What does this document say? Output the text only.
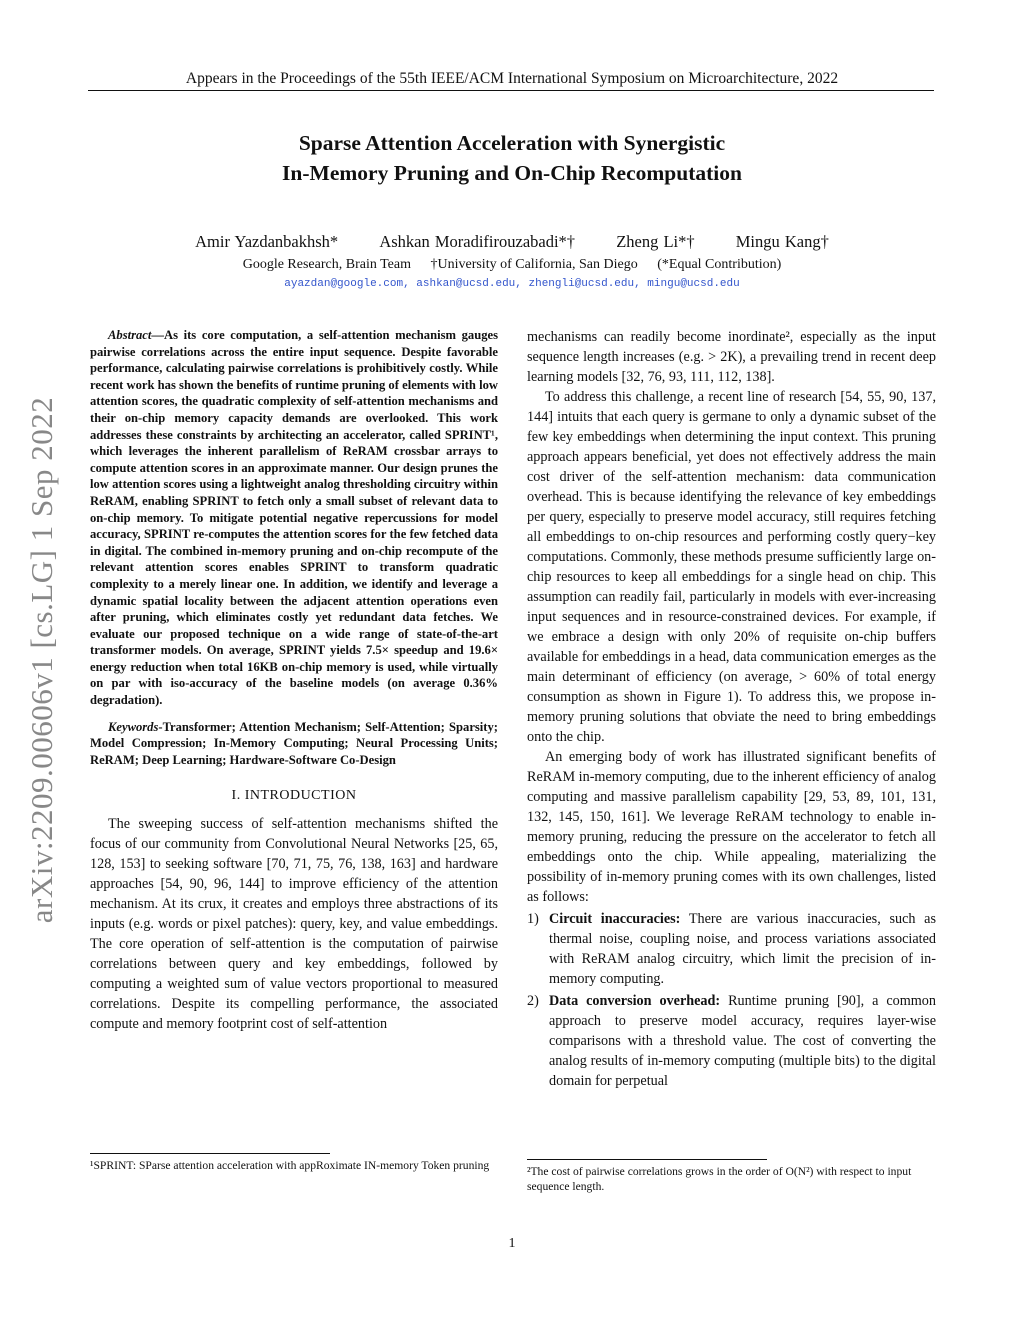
Appears in the Proceedings of the 55th IEEE/ACM International Symposium on Microarchitecture, 2022
Sparse Attention Acceleration with Synergistic
In-Memory Pruning and On-Chip Recomputation
Amir Yazdanbakhsh* Ashkan Moradifirouzabadi*† Zheng Li*† Mingu Kang†
Google Research, Brain Team †University of California, San Diego (*Equal Contribution)
ayazdan@google.com, ashkan@ucsd.edu, zhengli@ucsd.edu, mingu@ucsd.edu
arXiv:2209.00606v1 [cs.LG] 1 Sep 2022

Abstract—As its core computation, a self-attention mechanism gauges pairwise correlations across the entire input sequence. Despite favorable performance, calculating pairwise correlations is prohibitively costly. While recent work has shown the benefits of runtime pruning of elements with low attention scores, the quadratic complexity of self-attention mechanisms and their on-chip memory capacity demands are overlooked. This work addresses these constraints by architecting an accelerator, called SPRINT¹, which leverages the inherent parallelism of ReRAM crossbar arrays to compute attention scores in an approximate manner. Our design prunes the low attention scores using a lightweight analog thresholding circuitry within ReRAM, enabling SPRINT to fetch only a small subset of relevant data to on-chip memory. To mitigate potential negative repercussions for model accuracy, SPRINT re-computes the attention scores for the few fetched data in digital. The combined in-memory pruning and on-chip recompute of the relevant attention scores enables SPRINT to transform quadratic complexity to a merely linear one. In addition, we identify and leverage a dynamic spatial locality between the adjacent attention operations even after pruning, which eliminates costly yet redundant data fetches. We evaluate our proposed technique on a wide range of state-of-the-art transformer models. On average, SPRINT yields 7.5× speedup and 19.6× energy reduction when total 16KB on-chip memory is used, while virtually on par with iso-accuracy of the baseline models (on average 0.36% degradation).

Keywords-Transformer; Attention Mechanism; Self-Attention; Sparsity; Model Compression; In-Memory Computing; Neural Processing Units; ReRAM; Deep Learning; Hardware-Software Co-Design

I. INTRODUCTION

The sweeping success of self-attention mechanisms shifted the focus of our community from Convolutional Neural Networks [25, 65, 128, 153] to seeking software [70, 71, 75, 76, 138, 163] and hardware approaches [54, 90, 96, 144] to improve efficiency of the attention mechanism. At its crux, it creates and employs three abstractions of its inputs (e.g. words or pixel patches): query, key, and value embeddings. The core operation of self-attention is the computation of pairwise correlations between query and key embeddings, followed by computing a weighted sum of value vectors proportional to measured correlations. Despite its compelling performance, the associated compute and memory footprint cost of self-attention

mechanisms can readily become inordinate², especially as the input sequence length increases (e.g. > 2K), a prevailing trend in recent deep learning models [32, 76, 93, 111, 112, 138].

To address this challenge, a recent line of research [54, 55, 90, 137, 144] intuits that each query is germane to only a dynamic subset of the few key embeddings when determining the input context. This pruning approach appears beneficial, yet does not effectively address the main cost driver of the self-attention mechanism: data communication overhead. This is because identifying the relevance of key embeddings per query, especially to preserve model accuracy, still requires fetching all embeddings to on-chip resources and performing costly query−key computations. Commonly, these methods presume sufficiently large on-chip resources to keep all embeddings for a single head on chip. This assumption can readily fail, particularly in models with ever-increasing input sequences and in resource-constrained devices. For example, if we embrace a design with only 20% of requisite on-chip buffers available for embeddings in a head, data communication emerges as the main determinant of efficiency (on average, > 60% of total energy consumption as shown in Figure 1). To address this, we propose in-memory pruning solutions that obviate the need to bring embeddings onto the chip.

An emerging body of work has illustrated significant benefits of ReRAM in-memory computing, due to the inherent efficiency of analog computing and massive parallelism capability [29, 53, 89, 101, 131, 132, 145, 150, 161]. We leverage ReRAM technology to enable in-memory pruning, reducing the pressure on the accelerator to fetch all embeddings onto the chip. While appealing, materializing the possibility of in-memory pruning comes with its own challenges, listed as follows:

1) Circuit inaccuracies: There are various inaccuracies, such as thermal noise, coupling noise, and process variations associated with ReRAM analog circuitry, which limit the precision of in-memory computing.
2) Data conversion overhead: Runtime pruning [90], a common approach to preserve model accuracy, requires layer-wise comparisons with a threshold value. The cost of converting the analog results of in-memory computing (multiple bits) to the digital domain for perpetual
¹SPRINT: SParse attention acceleration with appRoximate IN-memory Token pruning	²The cost of pairwise correlations grows in the order of O(N²) with respect to input sequence length.
1
